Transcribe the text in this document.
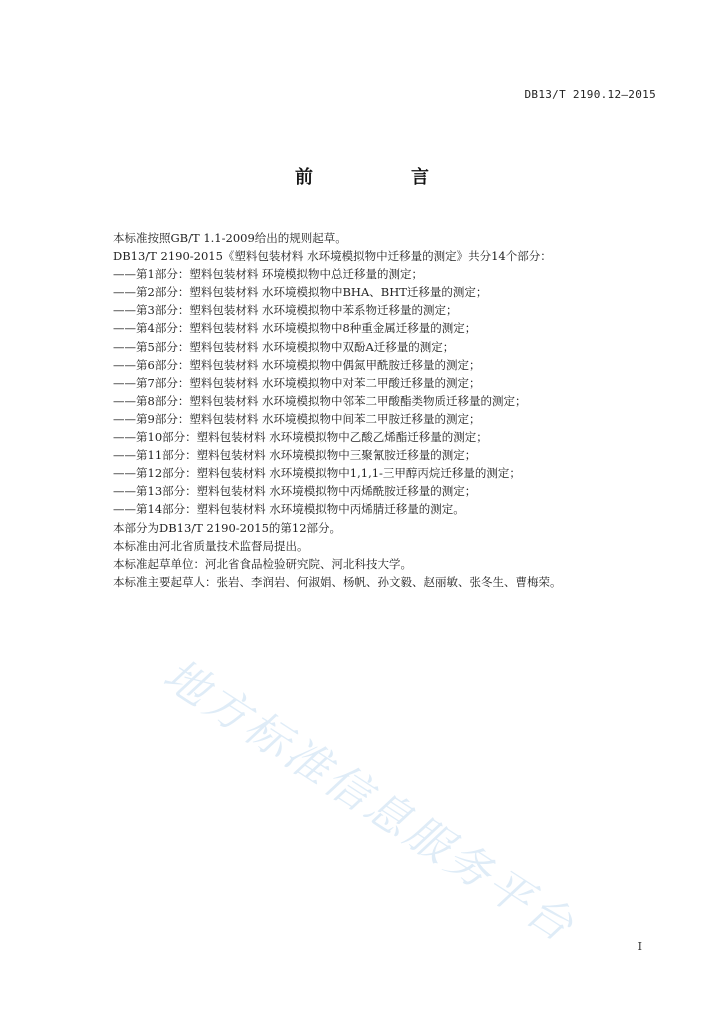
DB13/T 2190.12—2015
前　言
本标准按照GB/T 1.1-2009给出的规则起草。
DB13/T 2190-2015《塑料包装材料 水环境模拟物中迁移量的测定》共分14个部分：
——第1部分：塑料包装材料 环境模拟物中总迁移量的测定；
——第2部分：塑料包装材料 水环境模拟物中BHA、BHT迁移量的测定；
——第3部分：塑料包装材料 水环境模拟物中苯系物迁移量的测定；
——第4部分：塑料包装材料 水环境模拟物中8种重金属迁移量的测定；
——第5部分：塑料包装材料 水环境模拟物中双酚A迁移量的测定；
——第6部分：塑料包装材料 水环境模拟物中偶氮甲酰胺迁移量的测定；
——第7部分：塑料包装材料 水环境模拟物中对苯二甲酸迁移量的测定；
——第8部分：塑料包装材料 水环境模拟物中邻苯二甲酸酯类物质迁移量的测定；
——第9部分：塑料包装材料 水环境模拟物中间苯二甲胺迁移量的测定；
——第10部分：塑料包装材料 水环境模拟物中乙酸乙烯酯迁移量的测定；
——第11部分：塑料包装材料 水环境模拟物中三聚氰胺迁移量的测定；
——第12部分：塑料包装材料 水环境模拟物中1,1,1-三甲醇丙烷迁移量的测定；
——第13部分：塑料包装材料 水环境模拟物中丙烯酰胺迁移量的测定；
——第14部分：塑料包装材料 水环境模拟物中丙烯腈迁移量的测定。
本部分为DB13/T 2190-2015的第12部分。
本标准由河北省质量技术监督局提出。
本标准起草单位：河北省食品检验研究院、河北科技大学。
本标准主要起草人：张岩、李润岩、何淑娟、杨帆、孙文毅、赵丽敏、张冬生、曹梅荣。
地方标准信息服务平台	I
